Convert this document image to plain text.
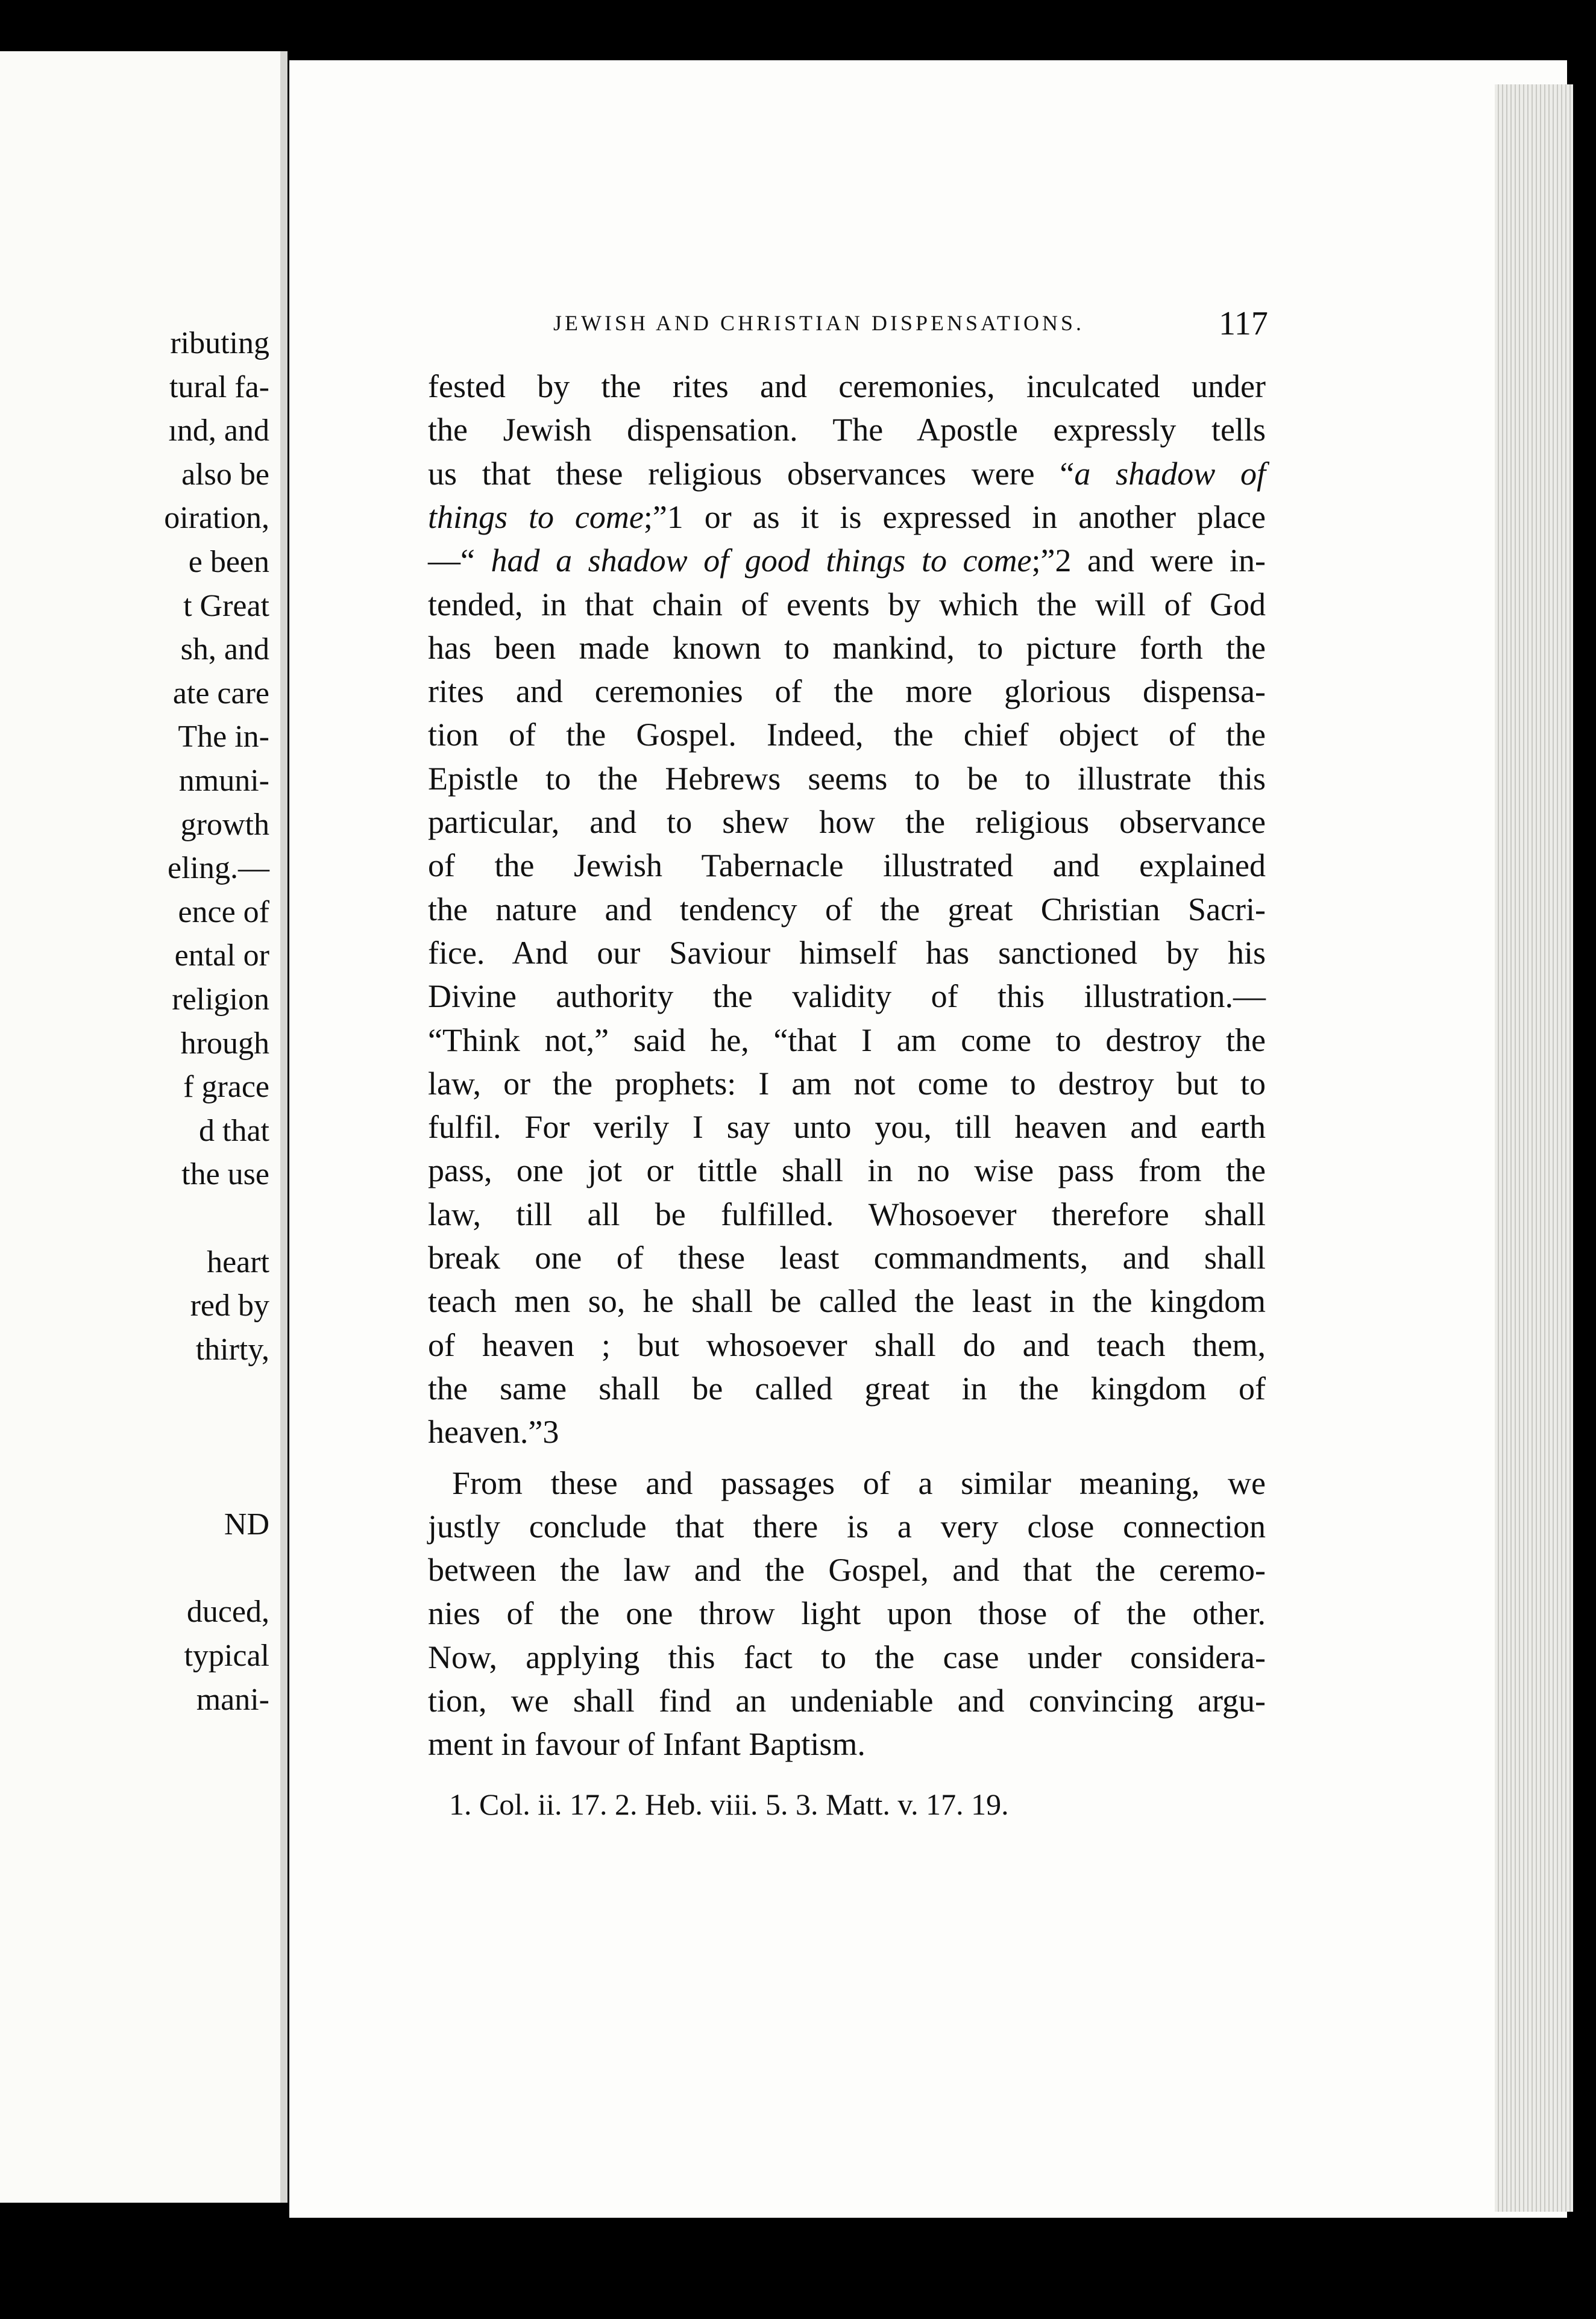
ributing
tural fa-
ınd, and
also be
oiration,
e been
t Great
sh, and
ate care
The in-
nmuni-
growth
eling.—
ence of
ental or
religion
hrough
f grace
d that
the use
heart
red by
thirty,
ND
duced,
typical
mani-
JEWISH AND CHRISTIAN DISPENSATIONS.	117
fested by the rites and ceremonies, inculcated under
the Jewish dispensation. The Apostle expressly tells
us that these religious observances were “a shadow of
things to come;”1 or as it is expressed in another place
—“ had a shadow of good things to come;”2 and were in-
tended, in that chain of events by which the will of God
has been made known to mankind, to picture forth the
rites and ceremonies of the more glorious dispensa-
tion of the Gospel. Indeed, the chief object of the
Epistle to the Hebrews seems to be to illustrate this
particular, and to shew how the religious observance
of the Jewish Tabernacle illustrated and explained
the nature and tendency of the great Christian Sacri-
fice. And our Saviour himself has sanctioned by his
Divine authority the validity of this illustration.—
“Think not,” said he, “that I am come to destroy the
law, or the prophets: I am not come to destroy but to
fulfil. For verily I say unto you, till heaven and earth
pass, one jot or tittle shall in no wise pass from the
law, till all be fulfilled. Whosoever therefore shall
break one of these least commandments, and shall
teach men so, he shall be called the least in the kingdom
of heaven ; but whosoever shall do and teach them,
the same shall be called great in the kingdom of
heaven.”3
From these and passages of a similar meaning, we
justly conclude that there is a very close connection
between the law and the Gospel, and that the ceremo-
nies of the one throw light upon those of the other.
Now, applying this fact to the case under considera-
tion, we shall find an undeniable and convincing argu-
ment in favour of Infant Baptism.
1. Col. ii. 17. 2. Heb. viii. 5. 3. Matt. v. 17. 19.
